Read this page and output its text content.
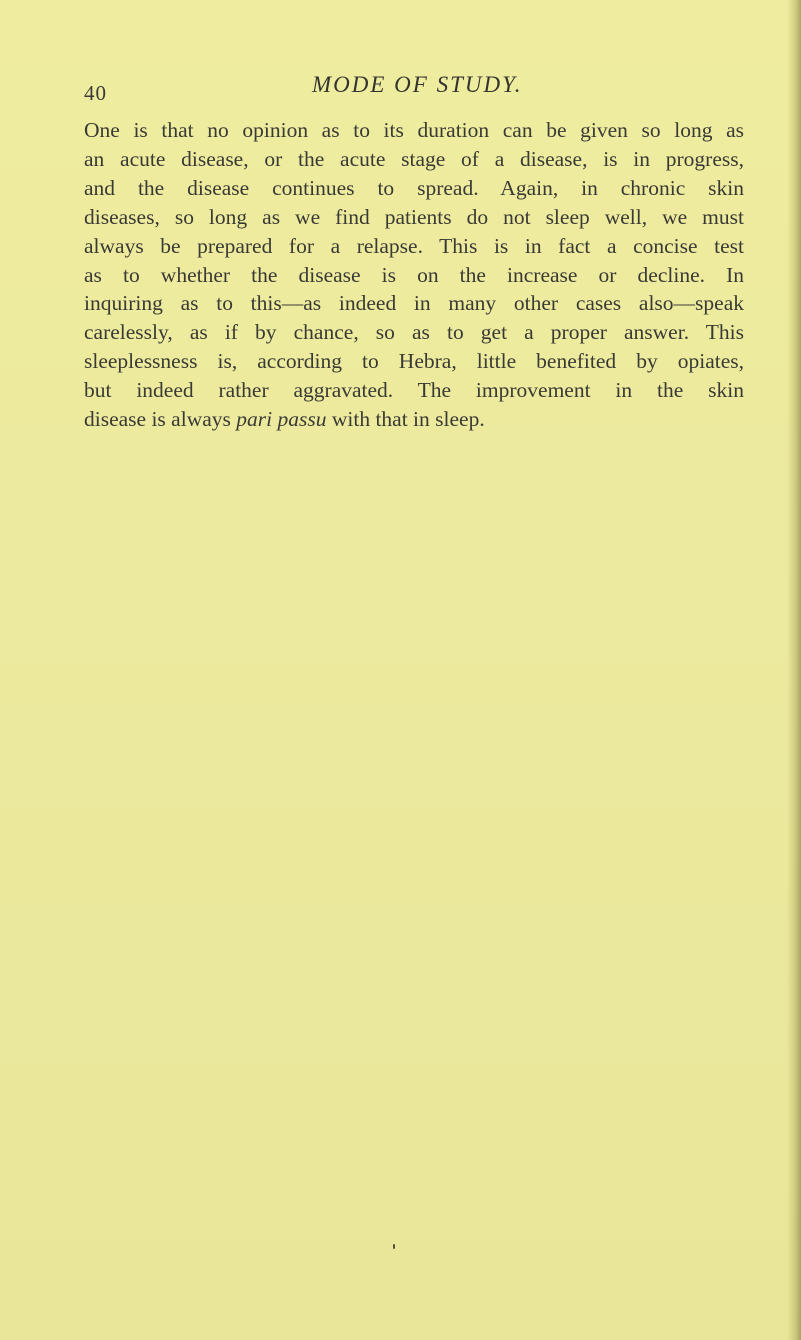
40	MODE OF STUDY.
One is that no opinion as to its duration can be given so long as
an acute disease, or the acute stage of a disease, is in progress,
and the disease continues to spread. Again, in chronic skin
diseases, so long as we find patients do not sleep well, we must
always be prepared for a relapse. This is in fact a concise test
as to whether the disease is on the increase or decline. In
inquiring as to this—as indeed in many other cases also—speak
carelessly, as if by chance, so as to get a proper answer. This
sleeplessness is, according to Hebra, little benefited by opiates,
but indeed rather aggravated. The improvement in the skin
disease is always pari passu with that in sleep.
